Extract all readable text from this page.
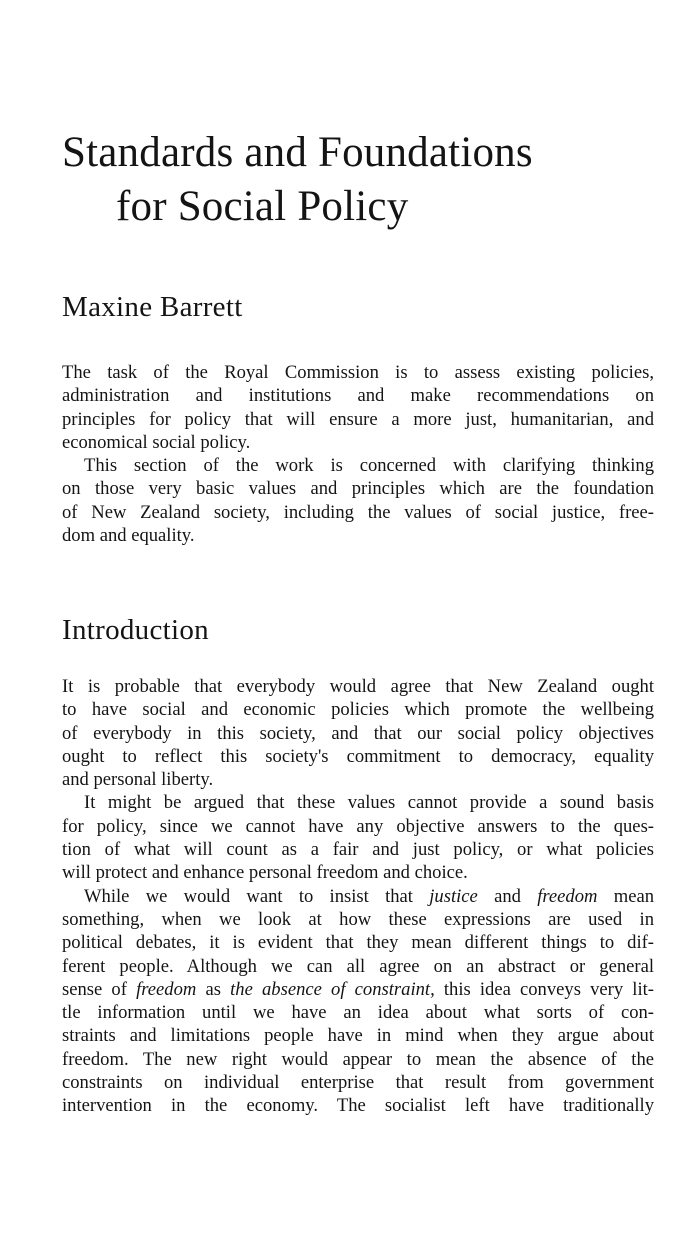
Standards and Foundations
for Social Policy
Maxine Barrett

The task of the Royal Commission is to assess existing policies,
administration and institutions and make recommendations on
principles for policy that will ensure a more just, humanitarian, and
economical social policy.

This section of the work is concerned with clarifying thinking
on those very basic values and principles which are the foundation
of New Zealand society, including the values of social justice, free-
dom and equality.

Introduction

It is probable that everybody would agree that New Zealand ought
to have social and economic policies which promote the wellbeing
of everybody in this society, and that our social policy objectives
ought to reflect this society's commitment to democracy, equality
and personal liberty.

It might be argued that these values cannot provide a sound basis
for policy, since we cannot have any objective answers to the ques-
tion of what will count as a fair and just policy, or what policies
will protect and enhance personal freedom and choice.

While we would want to insist that justice and freedom mean
something, when we look at how these expressions are used in
political debates, it is evident that they mean different things to dif-
ferent people. Although we can all agree on an abstract or general
sense of freedom as the absence of constraint, this idea conveys very lit-
tle information until we have an idea about what sorts of con-
straints and limitations people have in mind when they argue about
freedom. The new right would appear to mean the absence of the
constraints on individual enterprise that result from government
intervention in the economy. The socialist left have traditionally
